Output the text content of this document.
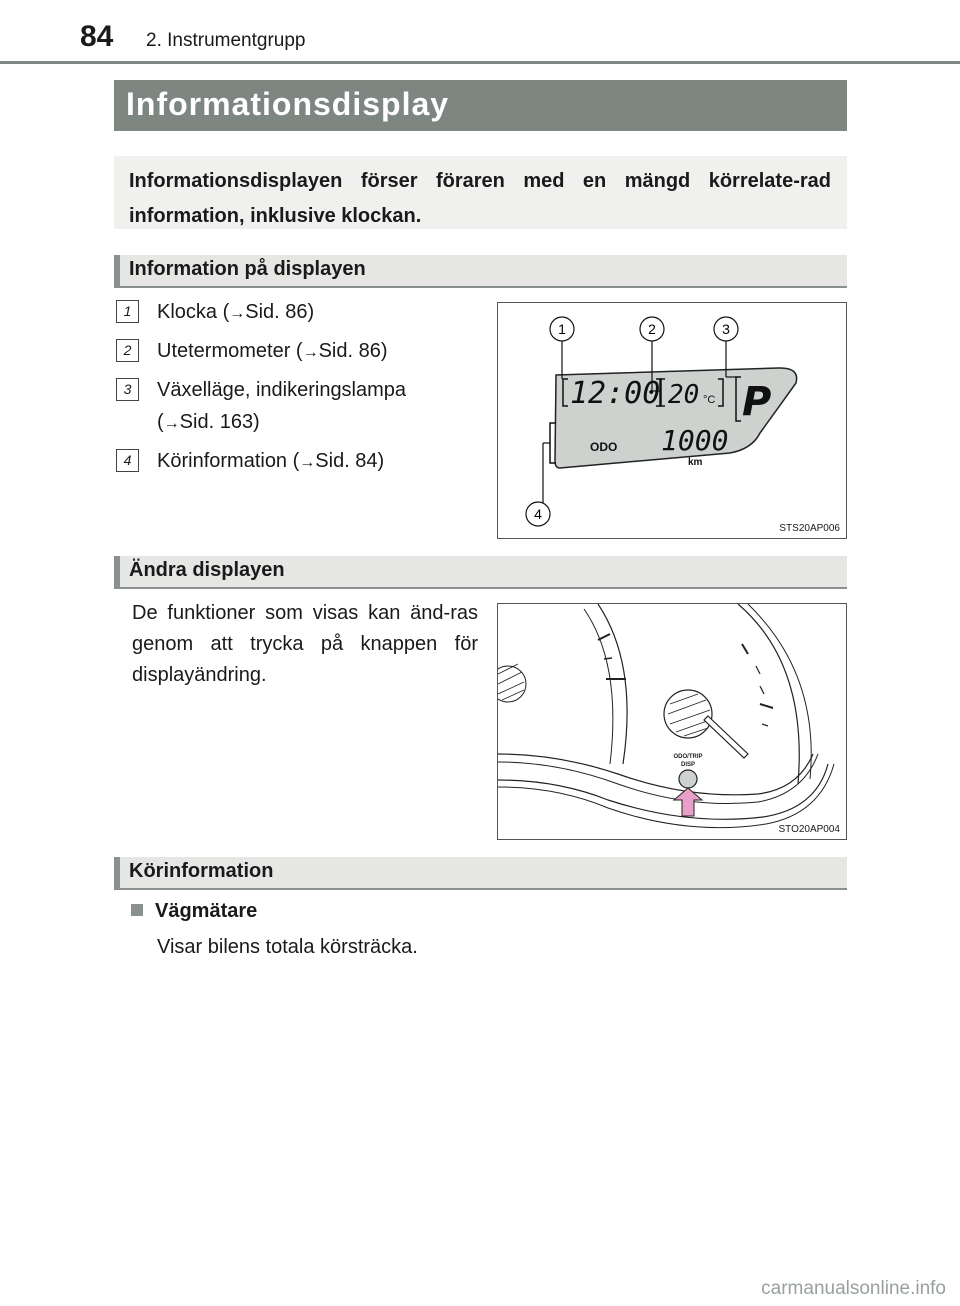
84 2. Instrumentgrupp
Informationsdisplay

Informationsdisplayen förser föraren med en mängd körrelate-rad information, inklusive klockan.

Information på displayen
1	Klocka (→Sid. 86)
2	Utetermometer (→Sid. 86)
3	Växelläge, indikeringslampa
(→Sid. 163)
4	Körinformation (→Sid. 84)
12:00 20 °C P
ODO 1000
km
1	2	3
4
STS20AP006
Ändra displayen

De funktioner som visas kan änd-ras genom att trycka på knappen för displayändring.

ODO/TRIP
DISP
STO20AP004
Körinformation
Vägmätare
Visar bilens totala körsträcka.
carmanualsonline.info
